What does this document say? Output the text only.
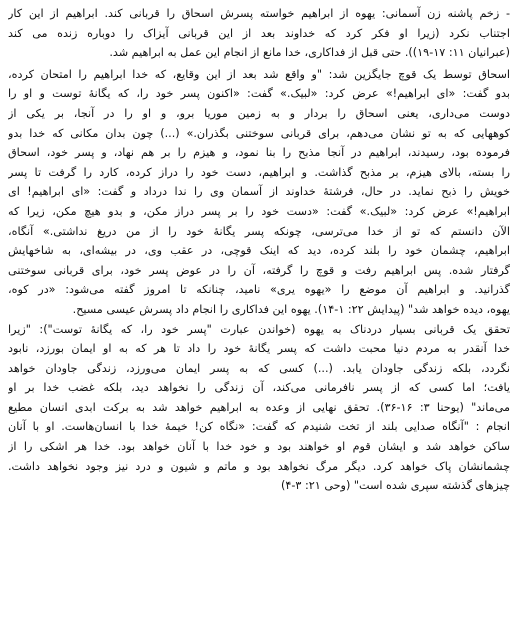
- زخم پاشنه زن آسمانی: یهوه از ابراهیم خواسته پسرش اسحاق را قربانی کند. ابراهیم از این کار
اجتناب نکرد (زیرا او فکر کرد که خداوند بعد از این قربانی آیزاک را دوباره زنده می کند
(عبرانیان ۱۱: ۱۷-۱۹)). حتی قبل از فداکاری، خدا مانع از انجام این عمل به ابراهیم شد.

اسحاق توسط یک قوچ جایگزین شد: "و واقع شد بعد از این وقایع، که خدا ابراهیم را امتحان کرده،
بدو گفت: «ای ابراهیم!» عرض کرد: «لبیک.» گفت: «اکنون پسر خود را، که یگانهٔ توست و او را
دوست می‌داری، یعنی اسحاق را بردار و به زمین موریا برو، و او را در آنجا، بر یکی از
کوههایی که به تو نشان می‌دهم، برای قربانی سوختنی بگذران.» (...) چون بدان مکانی که خدا بدو
فرموده بود، رسیدند، ابراهیم در آنجا مذبح را بنا نمود، و هیزم را بر هم نهاد، و پسر خود، اسحاق
را بسته، بالای هیزم، بر مذبح گذاشت. و ابراهیم، دست خود را دراز کرده، کارد را گرفت تا پسر
خویش را ذبح نماید. در حال، فرشتهٔ خداوند از آسمان وی را ندا درداد و گفت: «ای ابراهیم! ای
ابراهیم!» عرض کرد: «لبیک.» گفت: «دست خود را بر پسر دراز مکن، و بدو هیچ مکن، زیرا که
الآن دانستم که تو از خدا می‌ترسی، چونکه پسر یگانهٔ خود را از من دریغ نداشتی.» آنگاه،
ابراهیم، چشمان خود را بلند کرده، دید که اینک قوچی، در عقب وی، در بیشه‌ای، به شاخهایش
گرفتار شده. پس ابراهیم رفت و قوچ را گرفته، آن را در عوض پسر خود، برای قربانی سوختنی
گذرانید. و ابراهیم آن موضع را «یهوه یری» نامید، چنانکه تا امروز گفته می‌شود: «در کوه،
یهوه، دیده خواهد شد" (پیدایش ۲۲: ۱-۱۴). یهوه این فداکاری را انجام داد پسرش عیسی مسیح.

تحقق یک قربانی بسیار دردناک به یهوه (خواندن عبارت "پسر خود را، که یگانهٔ توست"): "زیرا
خدا آنقدر به مردم دنیا محبت داشت که پسر یگانهٔ خود را داد تا هر که به او ایمان بورزد، نابود
نگردد، بلکه زندگی جاودان یابد. (...) کسی که به پسر ایمان می‌ورزد، زندگی جاودان خواهد
یافت؛ اما کسی که از پسر نافرمانی می‌کند، آن زندگی را نخواهد دید، بلکه غضب خدا بر او
می‌ماند" (یوحنا ۳: ۱۶-۳۶). تحقق نهایی از وعده به ابراهیم خواهد شد به برکت ابدی انسان مطیع
انجام : "آنگاه صدایی بلند از تخت شنیدم که گفت: «نگاه کن! خیمهٔ خدا با انسان‌هاست. او با آنان
ساکن خواهد شد و ایشان قوم او خواهند بود و خود خدا با آنان خواهد بود. خدا هر اشکی را از
چشمانشان پاک خواهد کرد. دیگر مرگ نخواهد بود و ماتم و شیون و درد نیز وجود نخواهد داشت.
چیزهای گذشته سپری شده است" (وحی ۲۱: ۳-۴)
